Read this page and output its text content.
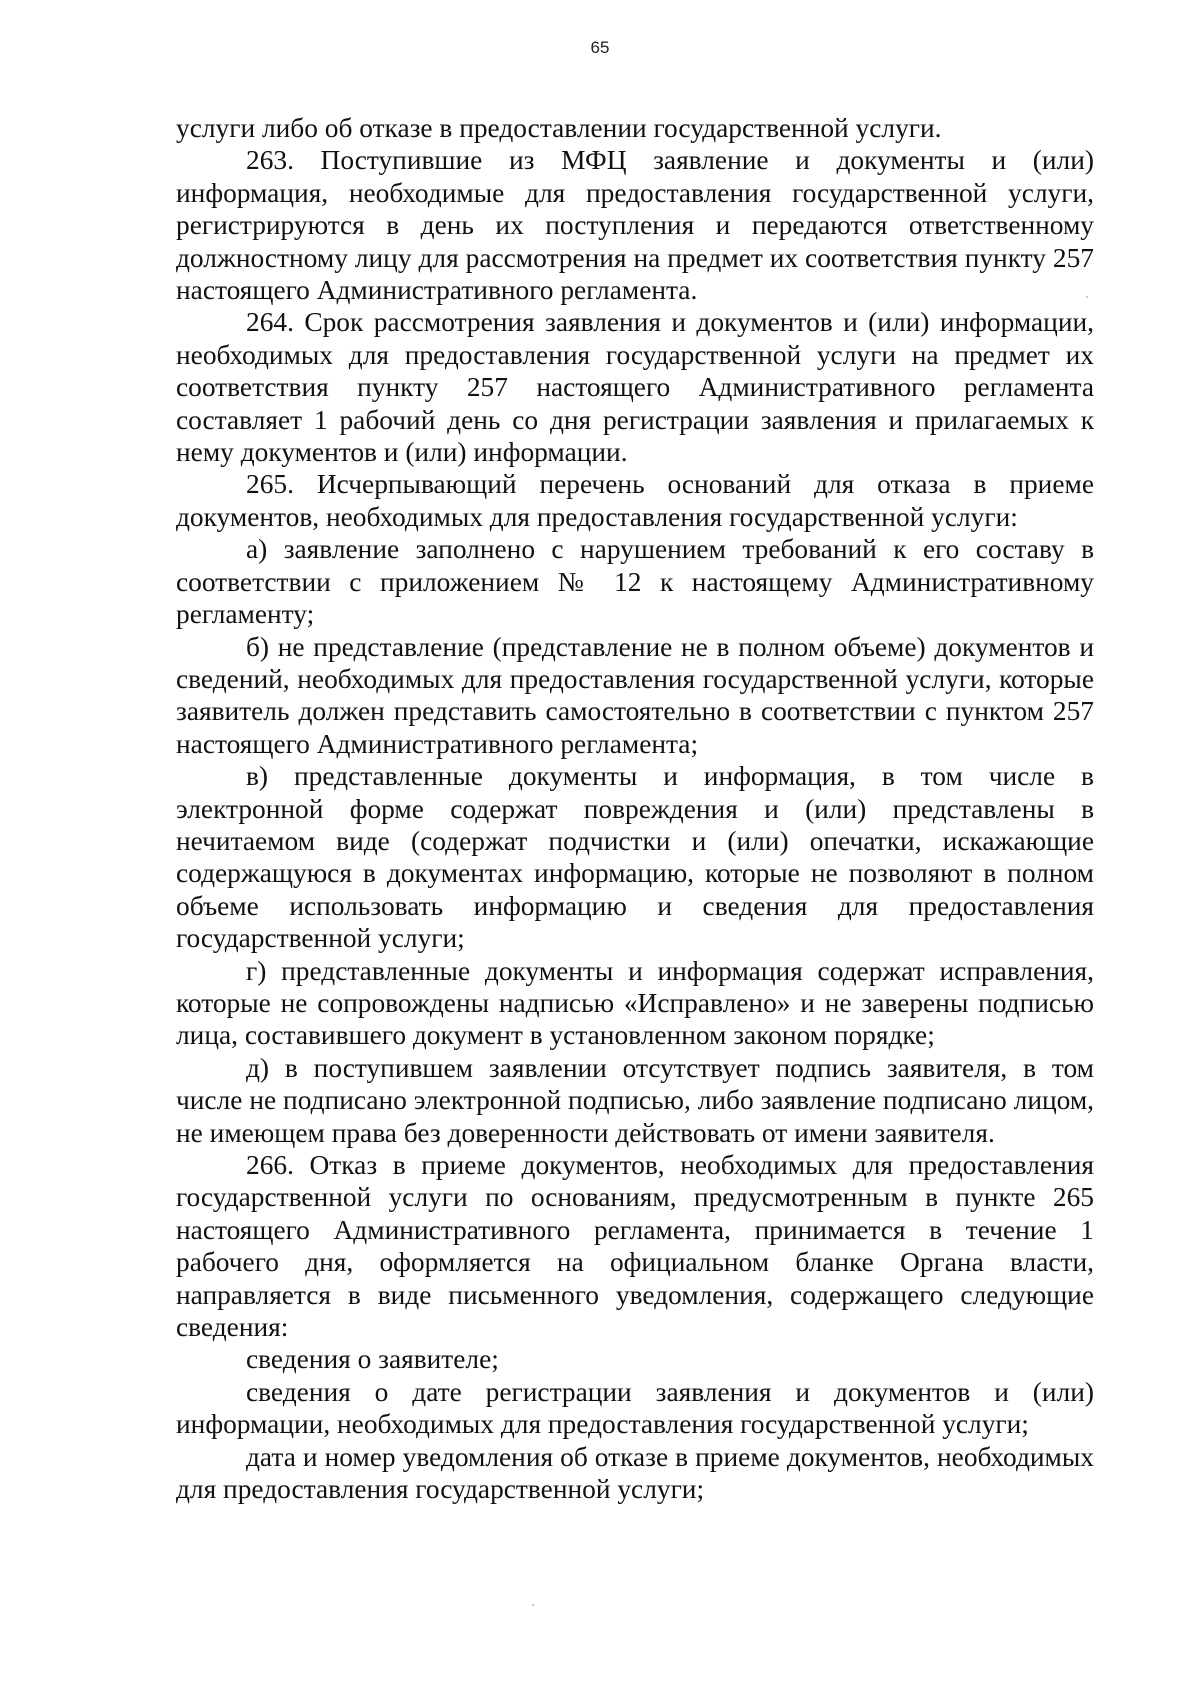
65

услуги либо об отказе в предоставлении государственной услуги.

263. Поступившие из МФЦ заявление и документы и (или) информация, необходимые для предоставления государственной услуги, регистрируются в день их поступления и передаются ответственному должностному лицу для рассмотрения на предмет их соответствия пункту 257 настоящего Административного регламента.

264. Срок рассмотрения заявления и документов и (или) информации, необходимых для предоставления государственной услуги на предмет их соответствия пункту 257 настоящего Административного регламента составляет 1 рабочий день со дня регистрации заявления и прилагаемых к нему документов и (или) информации.

265. Исчерпывающий перечень оснований для отказа в приеме документов, необходимых для предоставления государственной услуги:

а) заявление заполнено с нарушением требований к его составу в соответствии с приложением № 12 к настоящему Административному регламенту;

б) не представление (представление не в полном объеме) документов и сведений, необходимых для предоставления государственной услуги, которые заявитель должен представить самостоятельно в соответствии с пунктом 257 настоящего Административного регламента;

в) представленные документы и информация, в том числе в электронной форме содержат повреждения и (или) представлены в нечитаемом виде (содержат подчистки и (или) опечатки, искажающие содержащуюся в документах информацию, которые не позволяют в полном объеме использовать информацию и сведения для предоставления государственной услуги;

г) представленные документы и информация содержат исправления, которые не сопровождены надписью «Исправлено» и не заверены подписью лица, составившего документ в установленном законом порядке;

д) в поступившем заявлении отсутствует подпись заявителя, в том числе не подписано электронной подписью, либо заявление подписано лицом, не имеющем права без доверенности действовать от имени заявителя.

266. Отказ в приеме документов, необходимых для предоставления государственной услуги по основаниям, предусмотренным в пункте 265 настоящего Административного регламента, принимается в течение 1 рабочего дня, оформляется на официальном бланке Органа власти, направляется в виде письменного уведомления, содержащего следующие сведения:

сведения о заявителе;

сведения о дате регистрации заявления и документов и (или) информации, необходимых для предоставления государственной услуги;

дата и номер уведомления об отказе в приеме документов, необходимых для предоставления государственной услуги;
